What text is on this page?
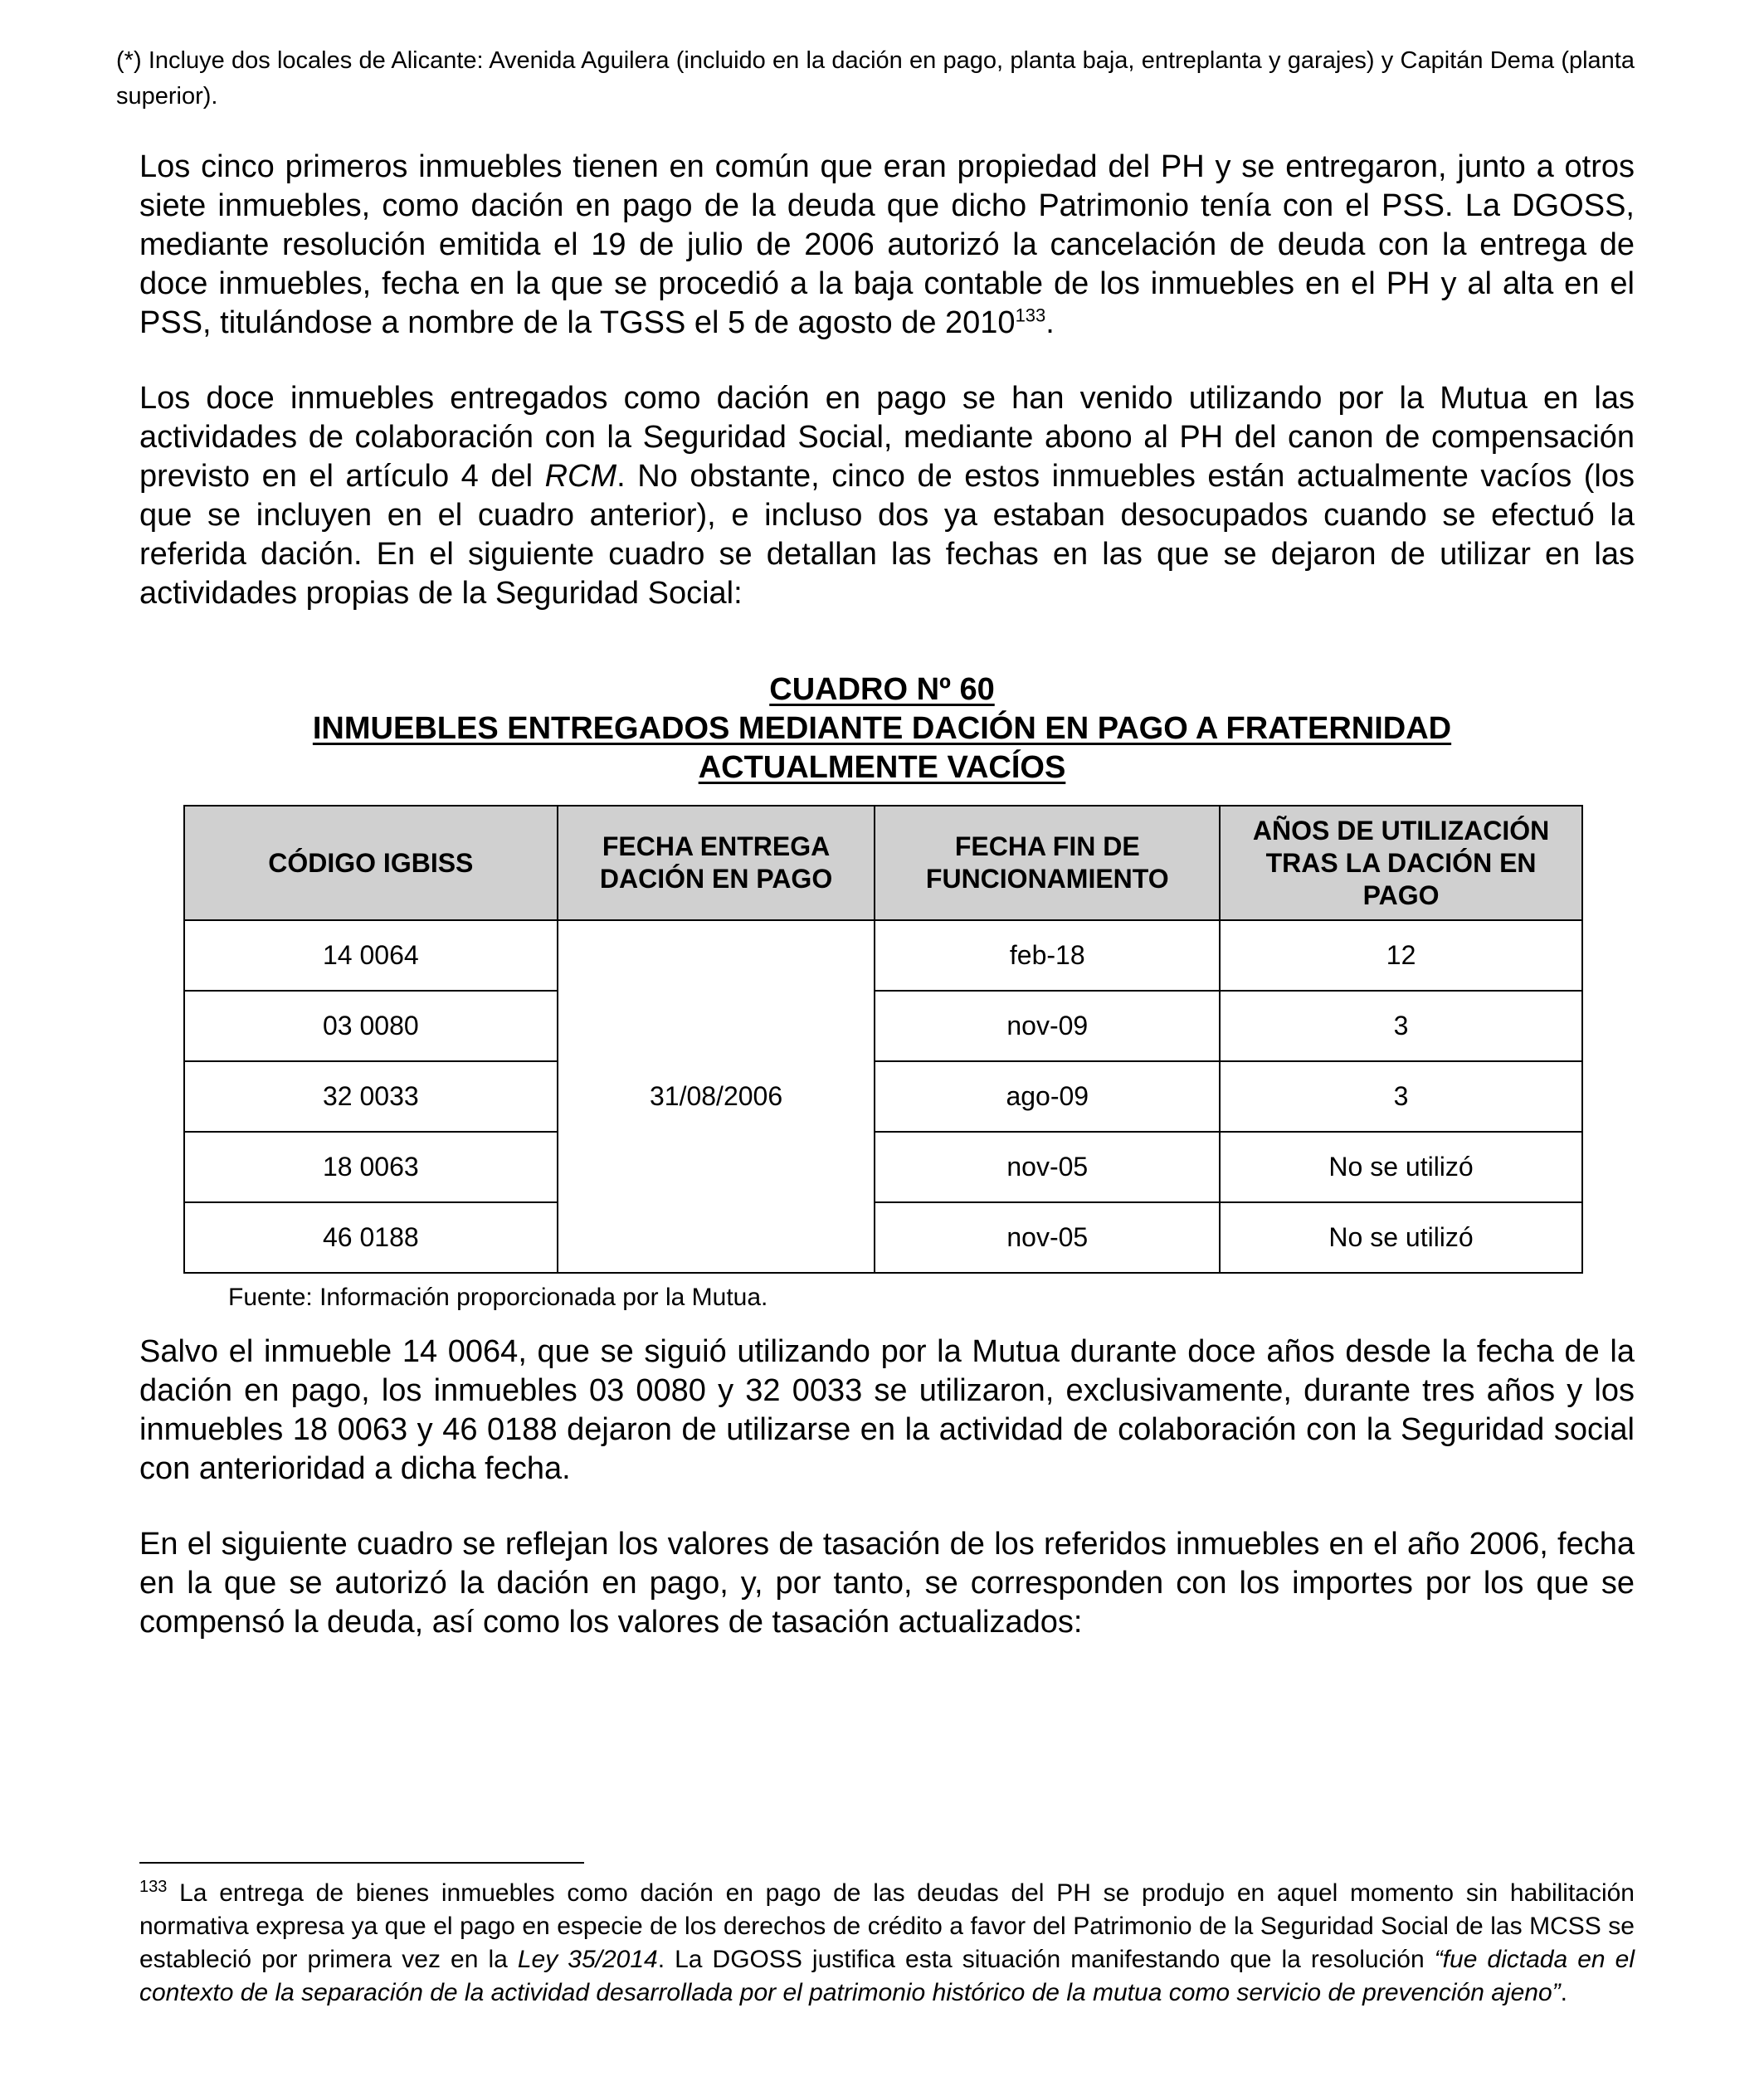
(*) Incluye dos locales de Alicante: Avenida Aguilera (incluido en la dación en pago, planta baja, entreplanta y garajes) y Capitán Dema (planta superior).

Los cinco primeros inmuebles tienen en común que eran propiedad del PH y se entregaron, junto a otros siete inmuebles, como dación en pago de la deuda que dicho Patrimonio tenía con el PSS. La DGOSS, mediante resolución emitida el 19 de julio de 2006 autorizó la cancelación de deuda con la entrega de doce inmuebles, fecha en la que se procedió a la baja contable de los inmuebles en el PH y al alta en el PSS, titulándose a nombre de la TGSS el 5 de agosto de 2010$^{133}$.

Los doce inmuebles entregados como dación en pago se han venido utilizando por la Mutua en las actividades de colaboración con la Seguridad Social, mediante abono al PH del canon de compensación previsto en el artículo 4 del RCM. No obstante, cinco de estos inmuebles están actualmente vacíos (los que se incluyen en el cuadro anterior), e incluso dos ya estaban desocupados cuando se efectuó la referida dación. En el siguiente cuadro se detallan las fechas en las que se dejaron de utilizar en las actividades propias de la Seguridad Social:

CUADRO Nº 60
INMUEBLES ENTREGADOS MEDIANTE DACIÓN EN PAGO A FRATERNIDAD
ACTUALMENTE VACÍOS
CÓDIGO IGBISS	FECHA ENTREGA DACIÓN EN PAGO	FECHA FIN DE FUNCIONAMIENTO	AÑOS DE UTILIZACIÓN TRAS LA DACIÓN EN PAGO

14 0064	31/08/2006	feb-18	12
03 0080		nov-09	3
32 0033		ago-09	3
18 0063		nov-05	No se utilizó
46 0188		nov-05	No se utilizó
Fuente: Información proporcionada por la Mutua.

Salvo el inmueble 14 0064, que se siguió utilizando por la Mutua durante doce años desde la fecha de la dación en pago, los inmuebles 03 0080 y 32 0033 se utilizaron, exclusivamente, durante tres años y los inmuebles 18 0063 y 46 0188 dejaron de utilizarse en la actividad de colaboración con la Seguridad social con anterioridad a dicha fecha.

En el siguiente cuadro se reflejan los valores de tasación de los referidos inmuebles en el año 2006, fecha en la que se autorizó la dación en pago, y, por tanto, se corresponden con los importes por los que se compensó la deuda, así como los valores de tasación actualizados:

$^{133}$ La entrega de bienes inmuebles como dación en pago de las deudas del PH se produjo en aquel momento sin habilitación normativa expresa ya que el pago en especie de los derechos de crédito a favor del Patrimonio de la Seguridad Social de las MCSS se estableció por primera vez en la Ley 35/2014. La DGOSS justifica esta situación manifestando que la resolución “fue dictada en el contexto de la separación de la actividad desarrollada por el patrimonio histórico de la mutua como servicio de prevención ajeno”.
